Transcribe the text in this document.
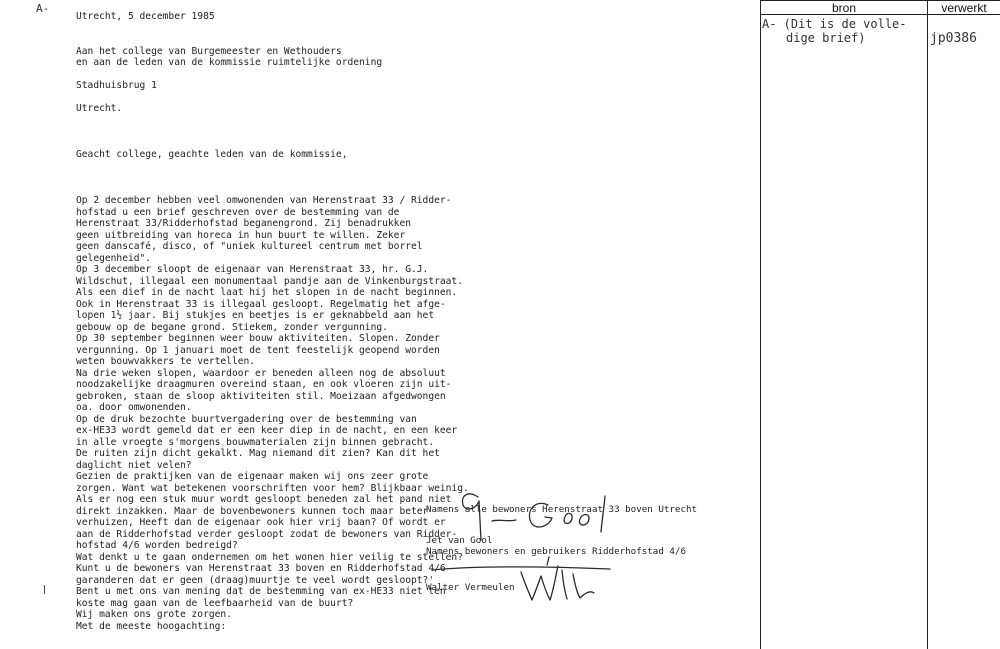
A-
Utrecht, 5 december 1985

Aan het college van Burgemeester en Wethouders
en aan de leden van de kommissie ruimtelijke ordening

Stadhuisbrug 1

Utrecht.

Geacht college, geachte leden van de kommissie,

Op 2 december hebben veel omwonenden van Herenstraat 33 / Ridder-
hofstad u een brief geschreven over de bestemming van de
Herenstraat 33/Ridderhofstad beganengrond. Zij benadrukken
geen uitbreiding van horeca in hun buurt te willen. Zeker
geen danscafé, disco, of "uniek kultureel centrum met borrel
gelegenheid".
Op 3 december sloopt de eigenaar van Herenstraat 33, hr. G.J.
Wildschut, illegaal een monumentaal pandje aan de Vinkenburgstraat.
Als een dief in de nacht laat hij het slopen in de nacht beginnen.
Ook in Herenstraat 33 is illegaal gesloopt. Regelmatig het afge-
lopen 1½ jaar. Bij stukjes en beetjes is er geknabbeld aan het
gebouw op de begane grond. Stiekem, zonder vergunning.
Op 30 september beginnen weer bouw aktiviteiten. Slopen. Zonder
vergunning. Op 1 januari moet de tent feestelijk geopend worden
weten bouwvakkers te vertellen.
Na drie weken slopen, waardoor er beneden alleen nog de absoluut
noodzakelijke draagmuren overeind staan, en ook vloeren zijn uit-
gebroken, staan de sloop aktiviteiten stil. Moeizaan afgedwongen
oa. door omwonenden.
Op de druk bezochte buurtvergadering over de bestemming van
ex-HE33 wordt gemeld dat er een keer diep in de nacht, en een keer
in alle vroegte s'morgens bouwmaterialen zijn binnen gebracht.
De ruiten zijn dicht gekalkt. Mag niemand dit zien? Kan dit het
daglicht niet velen?
Gezien de praktijken van de eigenaar maken wij ons zeer grote
zorgen. Want wat betekenen voorschriften voor hem? Blijkbaar weinig.
Als er nog een stuk muur wordt gesloopt beneden zal het pand niet
direkt inzakken. Maar de bovenbewoners kunnen toch maar beter
verhuizen, Heeft dan de eigenaar ook hier vrij baan? Of wordt er
aan de Ridderhofstad verder gesloopt zodat de bewoners van Ridder-
hofstad 4/6 worden bedreigd?
Wat denkt u te gaan ondernemen om het wonen hier veilig te stellen?
Kunt u de bewoners van Herenstraat 33 boven en Ridderhofstad 4/6
garanderen dat er geen (draag)muurtje te veel wordt gesloopt?'
Bent u met ons van mening dat de bestemming van ex-HE33 niet ten
koste mag gaan van de leefbaarheid van de buurt?
Wij maken ons grote zorgen.
Met de meeste hoogachting:
Namens alle bewoners Herenstraat 33 boven Utrecht
Jet van Gool
Namens bewoners en gebruikers Ridderhofstad 4/6
Walter Vermeulen
bron	verwerkt
A- (Dit is de volle-
dige brief)	jp0386
